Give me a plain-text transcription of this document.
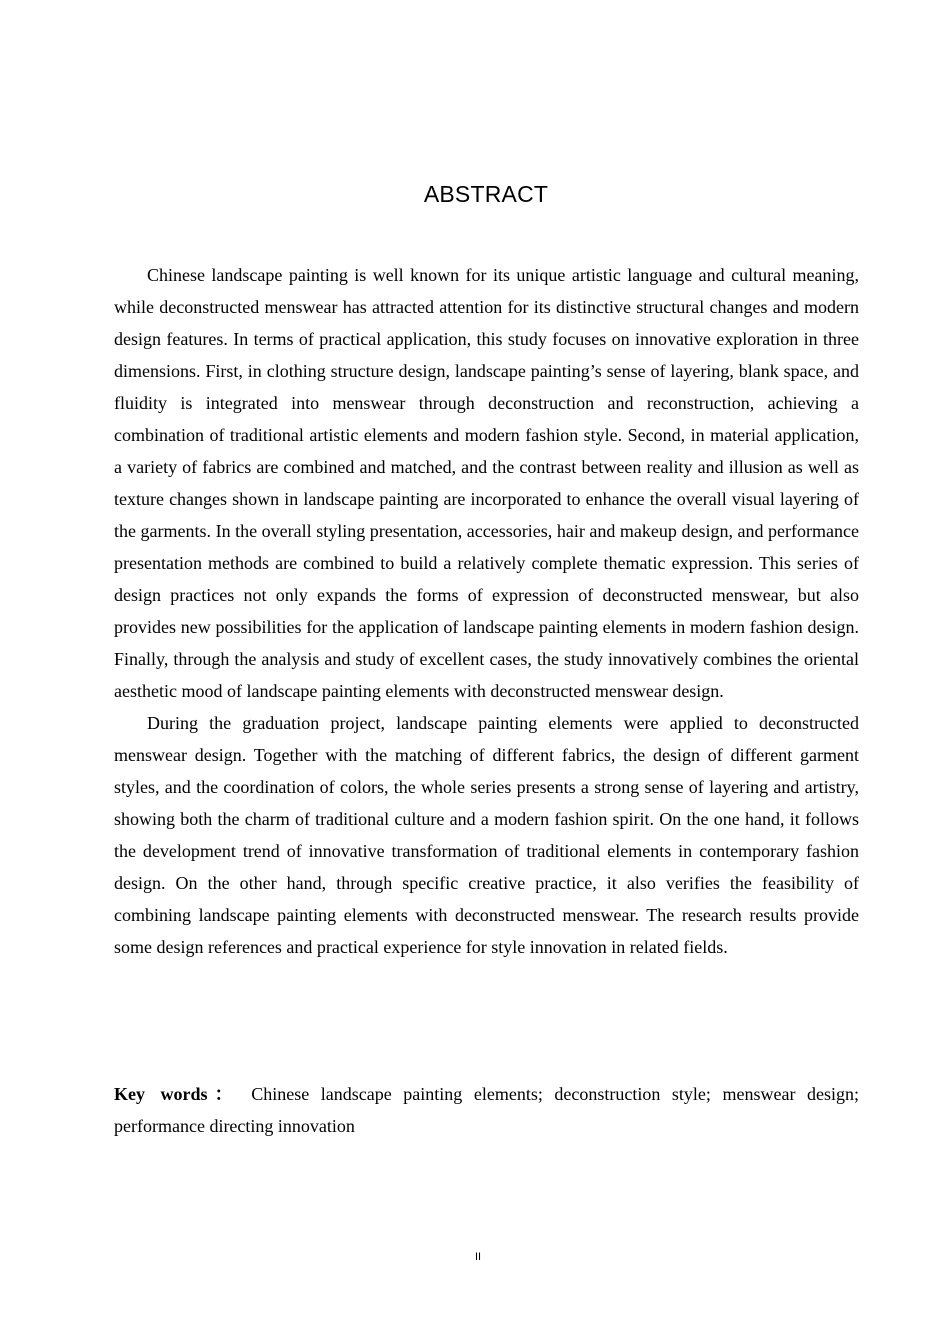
ABSTRACT

Chinese landscape painting is well known for its unique artistic language and cultural meaning, while deconstructed menswear has attracted attention for its distinctive structural changes and modern design features. In terms of practical application, this study focuses on innovative exploration in three dimensions. First, in clothing structure design, landscape painting’s sense of layering, blank space, and fluidity is integrated into menswear through deconstruction and reconstruction, achieving a combination of traditional artistic elements and modern fashion style. Second, in material application, a variety of fabrics are combined and matched, and the contrast between reality and illusion as well as texture changes shown in landscape painting are incorporated to enhance the overall visual layering of the garments. In the overall styling presentation, accessories, hair and makeup design, and performance presentation methods are combined to build a relatively complete thematic expression. This series of design practices not only expands the forms of expression of deconstructed menswear, but also provides new possibilities for the application of landscape painting elements in modern fashion design. Finally, through the analysis and study of excellent cases, the study innovatively combines the oriental aesthetic mood of landscape painting elements with deconstructed menswear design.

During the graduation project, landscape painting elements were applied to deconstructed menswear design. Together with the matching of different fabrics, the design of different garment styles, and the coordination of colors, the whole series presents a strong sense of layering and artistry, showing both the charm of traditional culture and a modern fashion spirit. On the one hand, it follows the development trend of innovative transformation of traditional elements in contemporary fashion design. On the other hand, through specific creative practice, it also verifies the feasibility of combining landscape painting elements with deconstructed menswear. The research results provide some design references and practical experience for style innovation in related fields.

Key words： Chinese landscape painting elements; deconstruction style; menswear design; performance directing innovation
II
